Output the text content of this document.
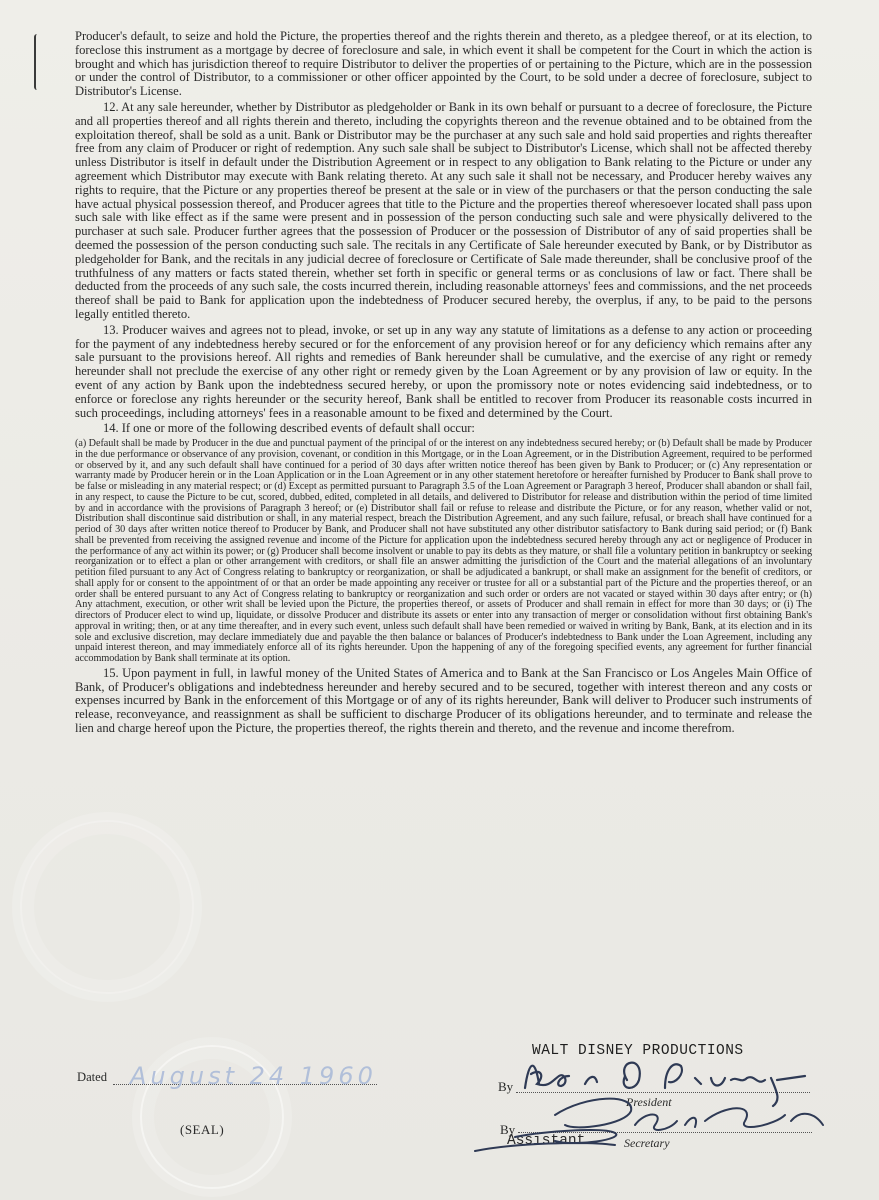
Producer's default, to seize and hold the Picture, the properties thereof and the rights therein and thereto, as a pledgee thereof, or at its election, to foreclose this instrument as a mortgage by decree of foreclosure and sale, in which event it shall be competent for the Court in which the action is brought and which has jurisdiction thereof to require Distributor to deliver the properties of or pertaining to the Picture, which are in the possession or under the control of Distributor, to a commissioner or other officer appointed by the Court, to be sold under a decree of foreclosure, subject to Distributor's License.

12. At any sale hereunder, whether by Distributor as pledgeholder or Bank in its own behalf or pursuant to a decree of foreclosure, the Picture and all properties thereof and all rights therein and thereto, including the copyrights thereon and the revenue obtained and to be obtained from the exploitation thereof, shall be sold as a unit. Bank or Distributor may be the purchaser at any such sale and hold said properties and rights thereafter free from any claim of Producer or right of redemption. Any such sale shall be subject to Distributor's License, which shall not be affected thereby unless Distributor is itself in default under the Distribution Agreement or in respect to any obligation to Bank relating to the Picture or under any agreement which Distributor may execute with Bank relating thereto. At any such sale it shall not be necessary, and Producer hereby waives any rights to require, that the Picture or any properties thereof be present at the sale or in view of the purchasers or that the person conducting the sale have actual physical possession thereof, and Producer agrees that title to the Picture and the properties thereof wheresoever located shall pass upon such sale with like effect as if the same were present and in possession of the person conducting such sale and were physically delivered to the purchaser at such sale. Producer further agrees that the possession of Producer or the possession of Distributor of any of said properties shall be deemed the possession of the person conducting such sale. The recitals in any Certificate of Sale hereunder executed by Bank, or by Distributor as pledgeholder for Bank, and the recitals in any judicial decree of foreclosure or Certificate of Sale made thereunder, shall be conclusive proof of the truthfulness of any matters or facts stated therein, whether set forth in specific or general terms or as conclusions of law or fact. There shall be deducted from the proceeds of any such sale, the costs incurred therein, including reasonable attorneys' fees and commissions, and the net proceeds thereof shall be paid to Bank for application upon the indebtedness of Producer secured hereby, the overplus, if any, to be paid to the persons legally entitled thereto.

13. Producer waives and agrees not to plead, invoke, or set up in any way any statute of limitations as a defense to any action or proceeding for the payment of any indebtedness hereby secured or for the enforcement of any provision hereof or for any deficiency which remains after any sale pursuant to the provisions hereof. All rights and remedies of Bank hereunder shall be cumulative, and the exercise of any right or remedy hereunder shall not preclude the exercise of any other right or remedy given by the Loan Agreement or by any provision of law or equity. In the event of any action by Bank upon the indebtedness secured hereby, or upon the promissory note or notes evidencing said indebtedness, or to enforce or foreclose any rights hereunder or the security hereof, Bank shall be entitled to recover from Producer its reasonable costs incurred in such proceedings, including attorneys' fees in a reasonable amount to be fixed and determined by the Court.

14. If one or more of the following described events of default shall occur:

(a) Default shall be made by Producer in the due and punctual payment of the principal of or the interest on any indebtedness secured hereby; or (b) Default shall be made by Producer in the due performance or observance of any provision, covenant, or condition in this Mortgage, or in the Loan Agreement, or in the Distribution Agreement, required to be performed or observed by it, and any such default shall have continued for a period of 30 days after written notice thereof has been given by Bank to Producer; or (c) Any representation or warranty made by Producer herein or in the Loan Application or in the Loan Agreement or in any other statement heretofore or hereafter furnished by Producer to Bank shall prove to be false or misleading in any material respect; or (d) Except as permitted pursuant to Paragraph 3.5 of the Loan Agreement or Paragraph 3 hereof, Producer shall abandon or shall fail, in any respect, to cause the Picture to be cut, scored, dubbed, edited, completed in all details, and delivered to Distributor for release and distribution within the period of time limited by and in accordance with the provisions of Paragraph 3 hereof; or (e) Distributor shall fail or refuse to release and distribute the Picture, or for any reason, whether valid or not, Distribution shall discontinue said distribution or shall, in any material respect, breach the Distribution Agreement, and any such failure, refusal, or breach shall have continued for a period of 30 days after written notice thereof to Producer by Bank, and Producer shall not have substituted any other distributor satisfactory to Bank during said period; or (f) Bank shall be prevented from receiving the assigned revenue and income of the Picture for application upon the indebtedness secured hereby through any act or negligence of Producer in the performance of any act within its power; or (g) Producer shall become insolvent or unable to pay its debts as they mature, or shall file a voluntary petition in bankruptcy or seeking reorganization or to effect a plan or other arrangement with creditors, or shall file an answer admitting the jurisdiction of the Court and the material allegations of an involuntary petition filed pursuant to any Act of Congress relating to bankruptcy or reorganization, or shall be adjudicated a bankrupt, or shall make an assignment for the benefit of creditors, or shall apply for or consent to the appointment of or that an order be made appointing any receiver or trustee for all or a substantial part of the Picture and the properties thereof, or an order shall be entered pursuant to any Act of Congress relating to bankruptcy or reorganization and such order or orders are not vacated or stayed within 30 days after entry; or (h) Any attachment, execution, or other writ shall be levied upon the Picture, the properties thereof, or assets of Producer and shall remain in effect for more than 30 days; or (i) The directors of Producer elect to wind up, liquidate, or dissolve Producer and distribute its assets or enter into any transaction of merger or consolidation without first obtaining Bank's approval in writing; then, or at any time thereafter, and in every such event, unless such default shall have been remedied or waived in writing by Bank, Bank, at its election and in its sole and exclusive discretion, may declare immediately due and payable the then balance or balances of Producer's indebtedness to Bank under the Loan Agreement, including any unpaid interest thereon, and may immediately enforce all of its rights hereunder. Upon the happening of any of the foregoing specified events, any agreement for further financial accommodation by Bank shall terminate at its option.

15. Upon payment in full, in lawful money of the United States of America and to Bank at the San Francisco or Los Angeles Main Office of Bank, of Producer's obligations and indebtedness hereunder and hereby secured and to be secured, together with interest thereon and any costs or expenses incurred by Bank in the enforcement of this Mortgage or of any of its rights hereunder, Bank will deliver to Producer such instruments of release, reconveyance, and reassignment as shall be sufficient to discharge Producer of its obligations hereunder, and to terminate and release the lien and charge hereof upon the Picture, the properties thereof, the rights therein and thereto, and the revenue and income therefrom.

Dated August 24 1960
(SEAL)
WALT DISNEY PRODUCTIONS
By
President
By
Assistant	Secretary
